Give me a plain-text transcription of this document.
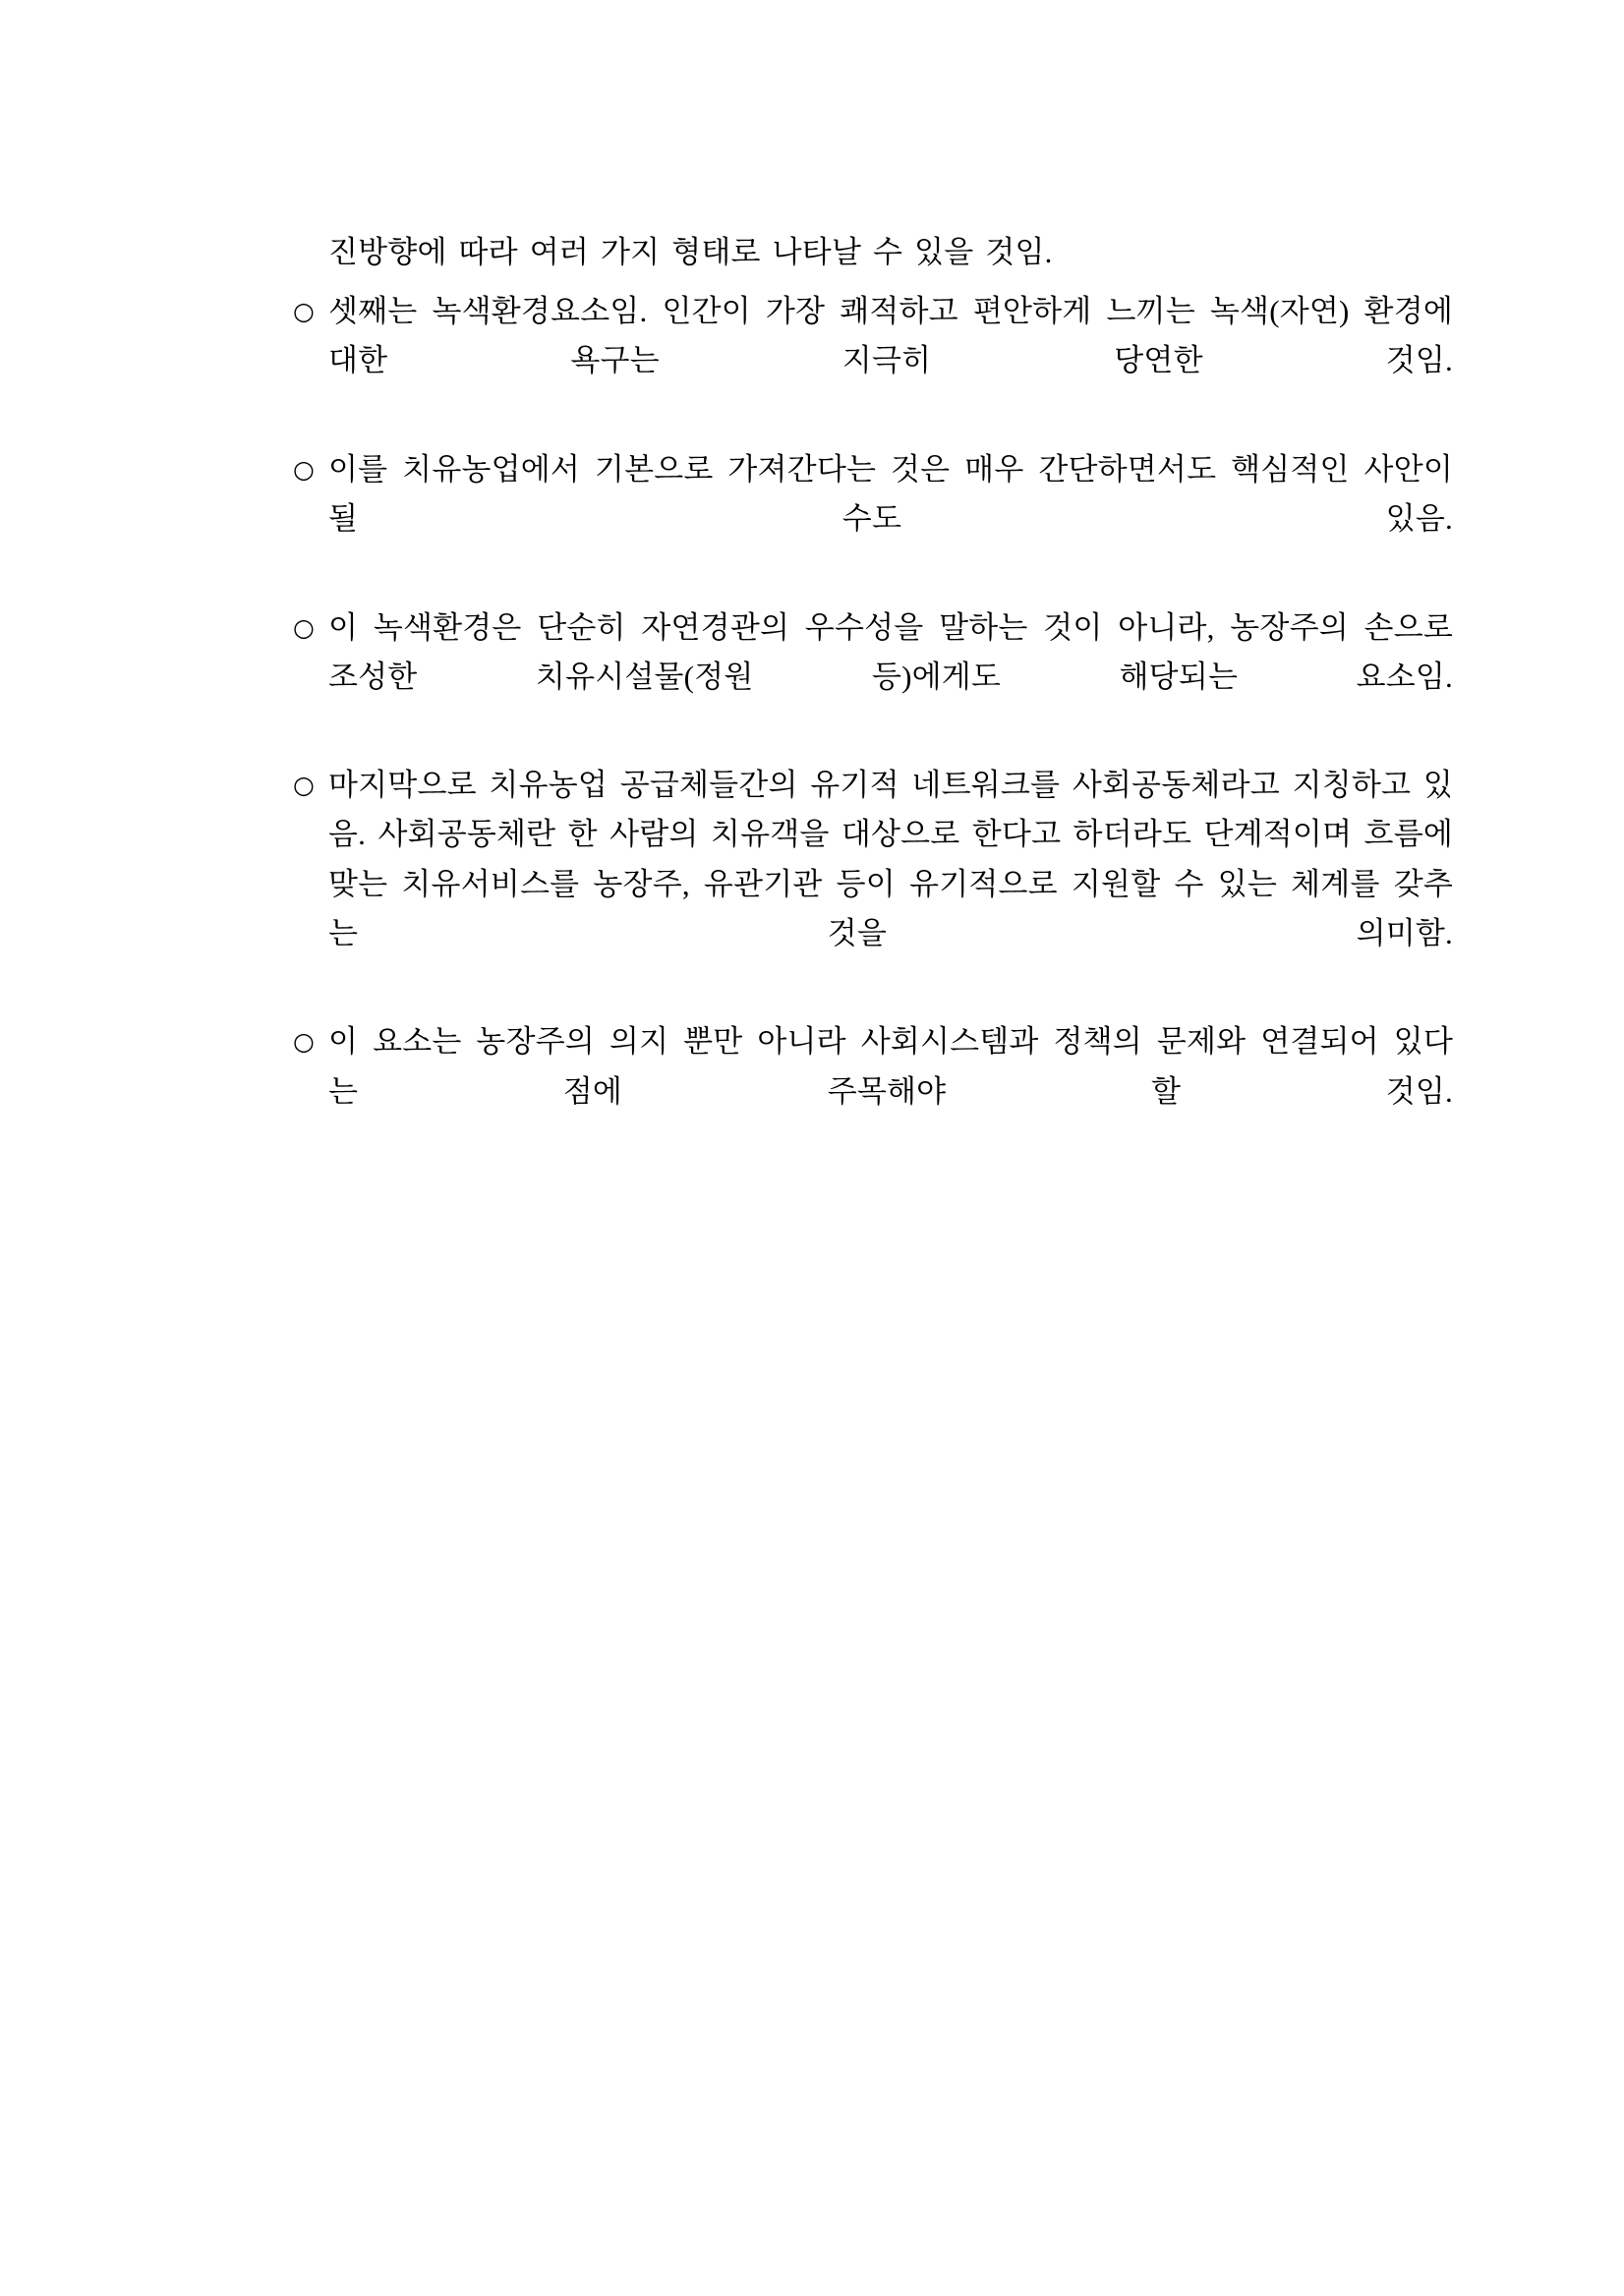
진방향에 따라 여러 가지 형태로 나타날 수 있을 것임.

○ 셋째는 녹색환경요소임. 인간이 가장 쾌적하고 편안하게 느끼는 녹색(자연) 환경에 대한 욕구는 지극히 당연한 것임.
○ 이를 치유농업에서 기본으로 가져간다는 것은 매우 간단하면서도 핵심적인 사안이 될 수도 있음.
○ 이 녹색환경은 단순히 자연경관의 우수성을 말하는 것이 아니라, 농장주의 손으로 조성한 치유시설물(정원 등)에게도 해당되는 요소임.
○ 마지막으로 치유농업 공급체들간의 유기적 네트워크를 사회공동체라고 지칭하고 있음. 사회공동체란 한 사람의 치유객을 대상으로 한다고 하더라도 단계적이며 흐름에 맞는 치유서비스를 농장주, 유관기관 등이 유기적으로 지원할 수 있는 체계를 갖추는 것을 의미함.
○ 이 요소는 농장주의 의지 뿐만 아니라 사회시스템과 정책의 문제와 연결되어 있다는 점에 주목해야 할 것임.
